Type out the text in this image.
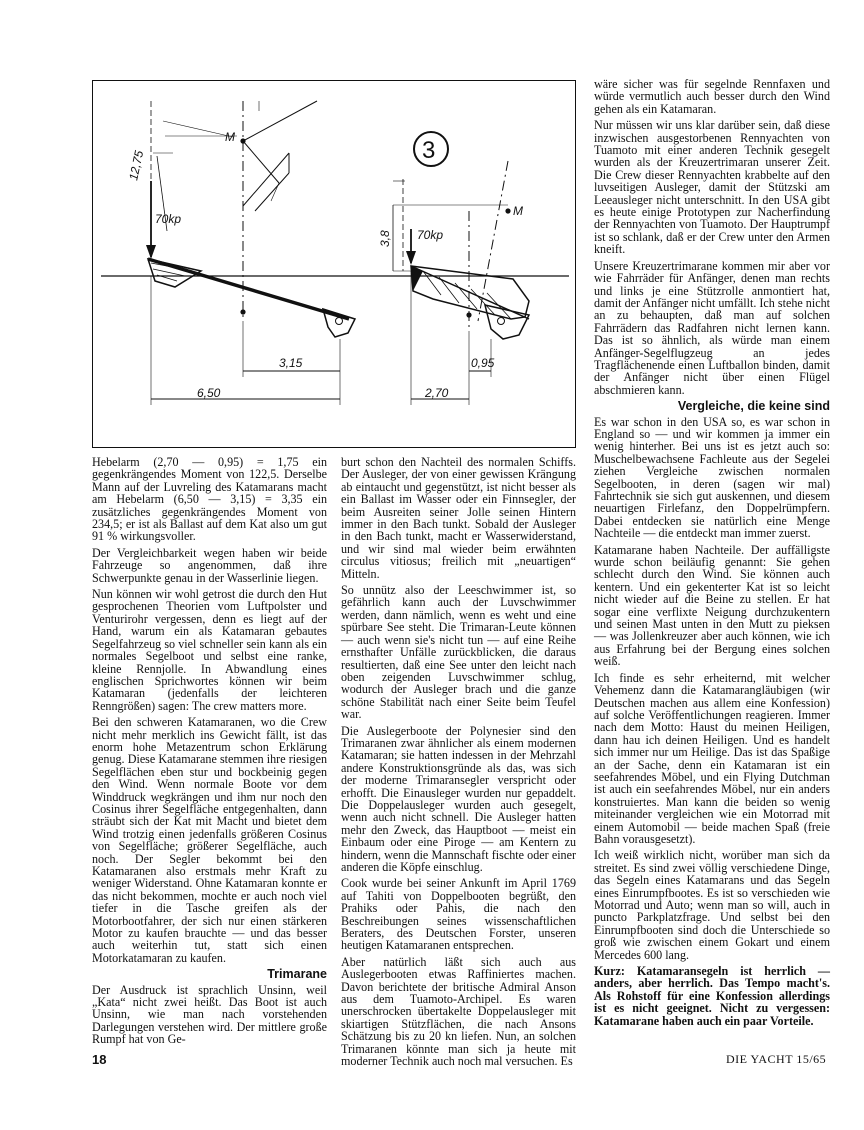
M
M
70kp
70kp
12,75
3,8
3,15
6,50
0,95
2,70
3

Hebelarm (2,70 — 0,95) = 1,75 ein gegenkrängendes Moment von 122,5. Derselbe Mann auf der Luvreling des Katamarans macht am Hebelarm (6,50 — 3,15) = 3,35 ein zusätzliches gegenkrängendes Moment von 234,5; er ist als Ballast auf dem Kat also um gut 91 % wirkungsvoller.

Der Vergleichbarkeit wegen haben wir beide Fahrzeuge so angenommen, daß ihre Schwerpunkte genau in der Wasserlinie liegen.

Nun können wir wohl getrost die durch den Hut gesprochenen Theorien vom Luftpolster und Venturirohr vergessen, denn es liegt auf der Hand, warum ein als Katamaran gebautes Segelfahrzeug so viel schneller sein kann als ein normales Segelboot und selbst eine ranke, kleine Rennjolle. In Abwandlung eines englischen Sprichwortes können wir beim Katamaran (jedenfalls der leichteren Renngrößen) sagen: The crew matters more.

Bei den schweren Katamaranen, wo die Crew nicht mehr merklich ins Gewicht fällt, ist das enorm hohe Metazentrum schon Erklärung genug. Diese Katamarane stemmen ihre riesigen Segelflächen eben stur und bockbeinig gegen den Wind. Wenn normale Boote vor dem Winddruck wegkrängen und ihm nur noch den Cosinus ihrer Segelfläche entgegenhalten, dann sträubt sich der Kat mit Macht und bietet dem Wind trotzig einen jedenfalls größeren Cosinus von Segelfläche; größerer Segelfläche, auch noch. Der Segler bekommt bei den Katamaranen also erstmals mehr Kraft zu weniger Widerstand. Ohne Katamaran konnte er das nicht bekommen, mochte er auch noch viel tiefer in die Tasche greifen als der Motorbootfahrer, der sich nur einen stärkeren Motor zu kaufen brauchte — und das besser auch weiterhin tut, statt sich einen Motorkatamaran zu kaufen.

Trimarane

Der Ausdruck ist sprachlich Unsinn, weil „Kata“ nicht zwei heißt. Das Boot ist auch Unsinn, wie man nach vorstehenden Darlegungen verstehen wird. Der mittlere große Rumpf hat von Ge-

burt schon den Nachteil des normalen Schiffs. Der Ausleger, der von einer gewissen Krängung ab eintaucht und gegenstützt, ist nicht besser als ein Ballast im Wasser oder ein Finnsegler, der beim Ausreiten seiner Jolle seinen Hintern immer in den Bach tunkt. Sobald der Ausleger in den Bach tunkt, macht er Wasserwiderstand, und wir sind mal wieder beim erwähnten circulus vitiosus; freilich mit „neuartigen“ Mitteln.

So unnütz also der Leeschwimmer ist, so gefährlich kann auch der Luvschwimmer werden, dann nämlich, wenn es weht und eine spürbare See steht. Die Trimaran-Leute können — auch wenn sie's nicht tun — auf eine Reihe ernsthafter Unfälle zurückblicken, die daraus resultierten, daß eine See unter den leicht nach oben zeigenden Luvschwimmer schlug, wodurch der Ausleger brach und die ganze schöne Stabilität nach einer Seite beim Teufel war.

Die Auslegerboote der Polynesier sind den Trimaranen zwar ähnlicher als einem modernen Katamaran; sie hatten indessen in der Mehrzahl andere Konstruktionsgründe als das, was sich der moderne Trimaransegler verspricht oder erhofft. Die Einausleger wurden nur gepaddelt. Die Doppelausleger wurden auch gesegelt, wenn auch nicht schnell. Die Ausleger hatten mehr den Zweck, das Hauptboot — meist ein Einbaum oder eine Piroge — am Kentern zu hindern, wenn die Mannschaft fischte oder einer anderen die Köpfe einschlug.

Cook wurde bei seiner Ankunft im April 1769 auf Tahiti von Doppelbooten begrüßt, den Prahiks oder Pahis, die nach den Beschreibungen seines wissenschaftlichen Beraters, des Deutschen Forster, unseren heutigen Katamaranen entsprechen.

Aber natürlich läßt sich auch aus Auslegerbooten etwas Raffiniertes machen. Davon berichtete der britische Admiral Anson aus dem Tuamoto-Archipel. Es waren unerschrocken übertakelte Doppelausleger mit skiartigen Stützflächen, die nach Ansons Schätzung bis zu 20 kn liefen. Nun, an solchen Trimaranen könnte man sich ja heute mit moderner Technik auch noch mal versuchen. Es

wäre sicher was für segelnde Rennfaxen und würde vermutlich auch besser durch den Wind gehen als ein Katamaran.

Nur müssen wir uns klar darüber sein, daß diese inzwischen ausgestorbenen Rennyachten von Tuamoto mit einer anderen Technik gesegelt wurden als der Kreuzertrimaran unserer Zeit. Die Crew dieser Rennyachten krabbelte auf den luvseitigen Ausleger, damit der Stützski am Leeausleger nicht unterschnitt. In den USA gibt es heute einige Prototypen zur Nacherfindung der Rennyachten von Tuamoto. Der Hauptrumpf ist so schlank, daß er der Crew unter den Armen kneift.

Unsere Kreuzertrimarane kommen mir aber vor wie Fahrräder für Anfänger, denen man rechts und links je eine Stützrolle anmontiert hat, damit der Anfänger nicht umfällt. Ich stehe nicht an zu behaupten, daß man auf solchen Fahrrädern das Radfahren nicht lernen kann. Das ist so ähnlich, als würde man einem Anfänger-Segelflugzeug an jedes Tragflächenende einen Luftballon binden, damit der Anfänger nicht über einen Flügel abschmieren kann.

Vergleiche, die keine sind

Es war schon in den USA so, es war schon in England so — und wir kommen ja immer ein wenig hinterher. Bei uns ist es jetzt auch so: Muschelbewachsene Fachleute aus der Segelei ziehen Vergleiche zwischen normalen Segelbooten, in deren (sagen wir mal) Fahrtechnik sie sich gut auskennen, und diesem neuartigen Firlefanz, den Doppelrümpfern. Dabei entdecken sie natürlich eine Menge Nachteile — die entdeckt man immer zuerst.

Katamarane haben Nachteile. Der auffälligste wurde schon beiläufig genannt: Sie gehen schlecht durch den Wind. Sie können auch kentern. Und ein gekenterter Kat ist so leicht nicht wieder auf die Beine zu stellen. Er hat sogar eine verflixte Neigung durchzukentern und seinen Mast unten in den Mutt zu pieksen — was Jollenkreuzer aber auch können, wie ich aus Erfahrung bei der Bergung eines solchen weiß.

Ich finde es sehr erheiternd, mit welcher Vehemenz dann die Katamarangläubigen (wir Deutschen machen aus allem eine Konfession) auf solche Veröffentlichungen reagieren. Immer nach dem Motto: Haust du meinen Heiligen, dann hau ich deinen Heiligen. Und es handelt sich immer nur um Heilige. Das ist das Spaßige an der Sache, denn ein Katamaran ist ein seefahrendes Möbel, und ein Flying Dutchman ist auch ein seefahrendes Möbel, nur ein anders konstruiertes. Man kann die beiden so wenig miteinander vergleichen wie ein Motorrad mit einem Automobil — beide machen Spaß (freie Bahn vorausgesetzt).

Ich weiß wirklich nicht, worüber man sich da streitet. Es sind zwei völlig verschiedene Dinge, das Segeln eines Katamarans und das Segeln eines Einrumpfbootes. Es ist so verschieden wie Motorrad und Auto; wenn man so will, auch in puncto Parkplatzfrage. Und selbst bei den Einrumpfbooten sind doch die Unterschiede so groß wie zwischen einem Gokart und einem Mercedes 600 lang.

Kurz: Katamaransegeln ist herrlich — anders, aber herrlich. Das Tempo macht's. Als Rohstoff für eine Konfession allerdings ist es nicht geeignet. Nicht zu vergessen: Katamarane haben auch ein paar Vorteile.

18	DIE YACHT 15/65
